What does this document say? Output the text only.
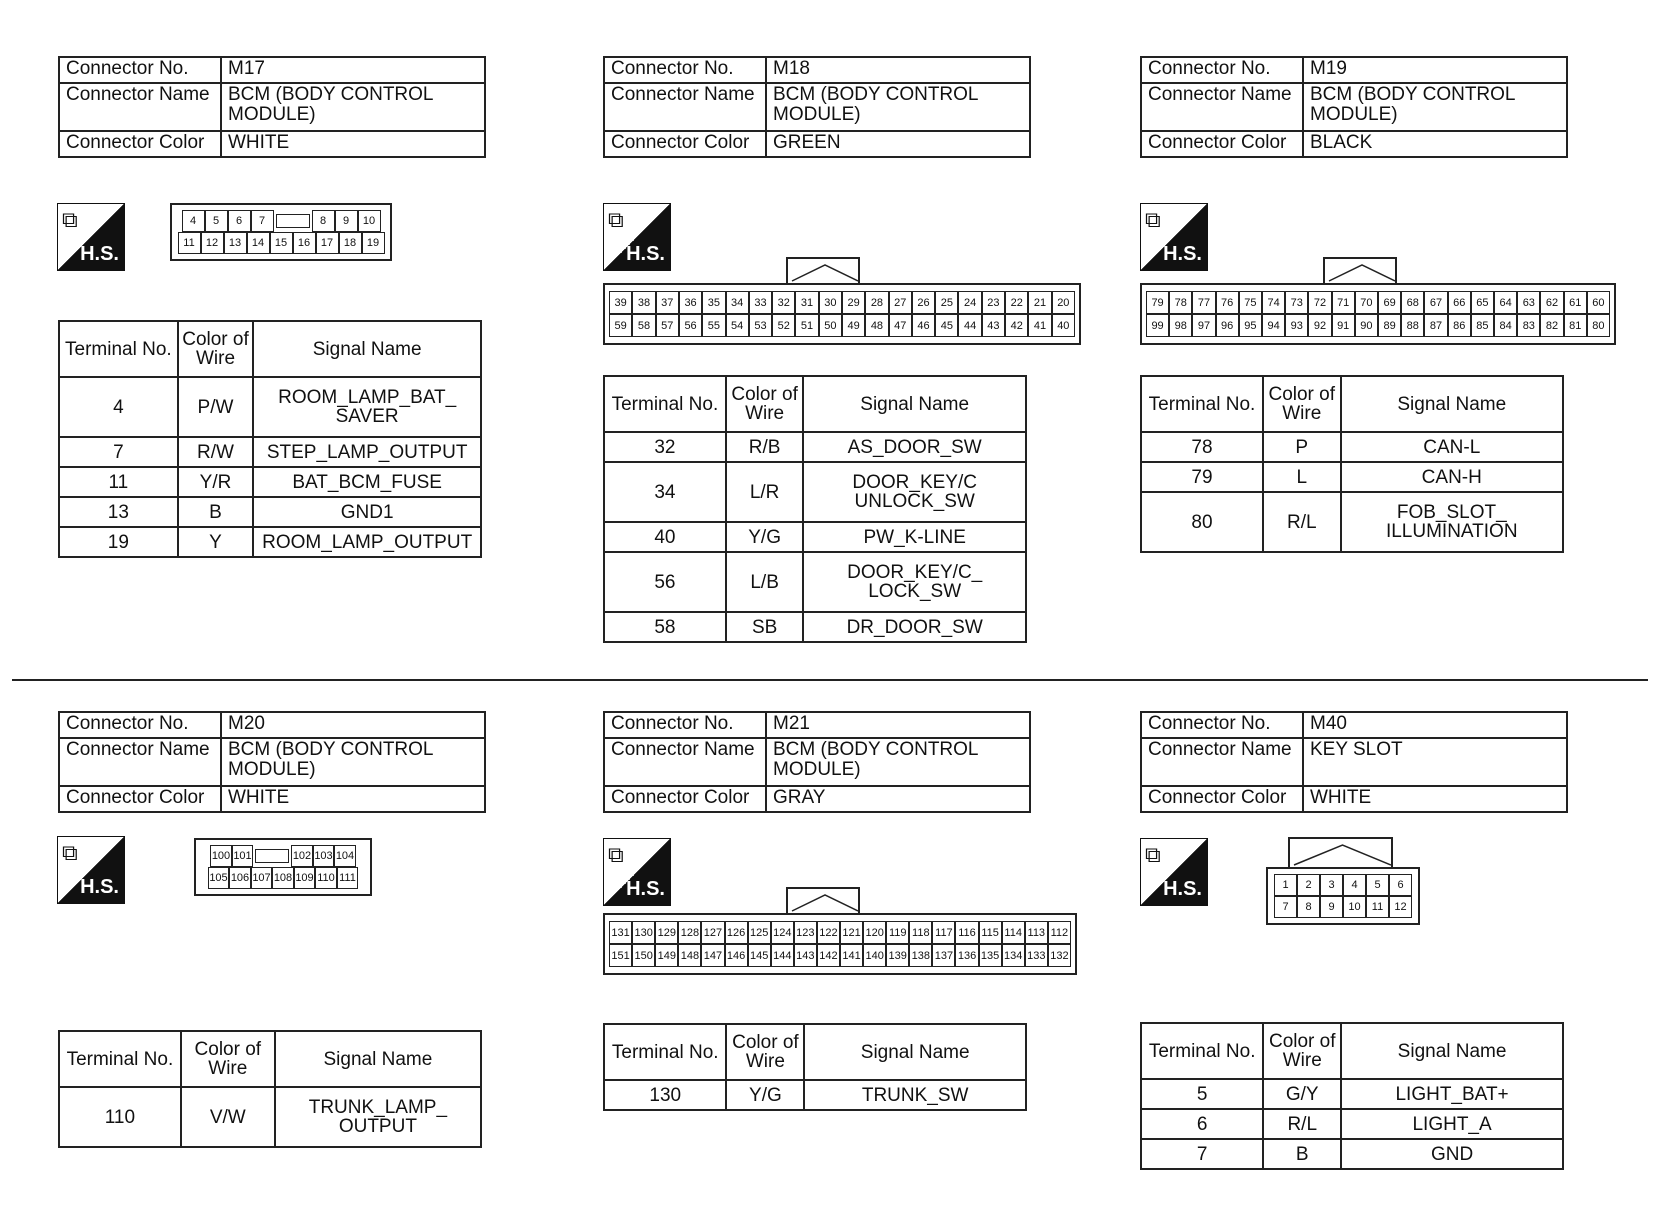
Connector No.	M17
Connector Name	BCM (BODY CONTROL MODULE)
Connector Color	WHITE
⧉
H.S.
4 5 6 7	8 9 10
11 12 13 14 15 16 17 18 19
Terminal No.	Color of Wire	Signal Name
4	P/W	ROOM_LAMP_BAT_ SAVER
7	R/W	STEP_LAMP_OUTPUT
11	Y/R	BAT_BCM_FUSE
13	B	GND1
19	Y	ROOM_LAMP_OUTPUT
Connector No.	M18
Connector Name	BCM (BODY CONTROL MODULE)
Connector Color	GREEN
⧉
H.S.
39 38 37 36 35 34 33 32 31 30 29 28 27 26 25 24 23 22 21 20
59 58 57 56 55 54 53 52 51 50 49 48 47 46 45 44 43 42 41 40
Terminal No.	Color of Wire	Signal Name
32	R/B	AS_DOOR_SW
34	L/R	DOOR_KEY/C UNLOCK_SW
40	Y/G	PW_K-LINE
56	L/B	DOOR_KEY/C_ LOCK_SW
58	SB	DR_DOOR_SW
Connector No.	M19
Connector Name	BCM (BODY CONTROL MODULE)
Connector Color	BLACK
⧉
H.S.
79 78 77 76 75 74 73 72 71 70 69 68 67 66 65 64 63 62 61 60
99 98 97 96 95 94 93 92 91 90 89 88 87 86 85 84 83 82 81 80
Terminal No.	Color of Wire	Signal Name
78	P	CAN-L
79	L	CAN-H
80	R/L	FOB_SLOT_ ILLUMINATION
Connector No.	M20
Connector Name	BCM (BODY CONTROL MODULE)
Connector Color	WHITE
⧉
H.S.
100 101	102 103 104
105 106 107 108 109 110 111
Terminal No.	Color of Wire	Signal Name
110	V/W	TRUNK_LAMP_ OUTPUT
Connector No.	M21
Connector Name	BCM (BODY CONTROL MODULE)
Connector Color	GRAY
⧉
H.S.
131 130 129 128 127 126 125 124 123 122 121 120 119 118 117 116 115 114 113 112
151 150 149 148 147 146 145 144 143 142 141 140 139 138 137 136 135 134 133 132
Terminal No.	Color of Wire	Signal Name
130	Y/G	TRUNK_SW
Connector No.	M40
Connector Name	KEY SLOT
Connector Color	WHITE
⧉
H.S.	1 2 3 4 5 6
7 8 9 10 11 12
Terminal No.	Color of Wire	Signal Name
5	G/Y	LIGHT_BAT+
6	R/L	LIGHT_A
7	B	GND
